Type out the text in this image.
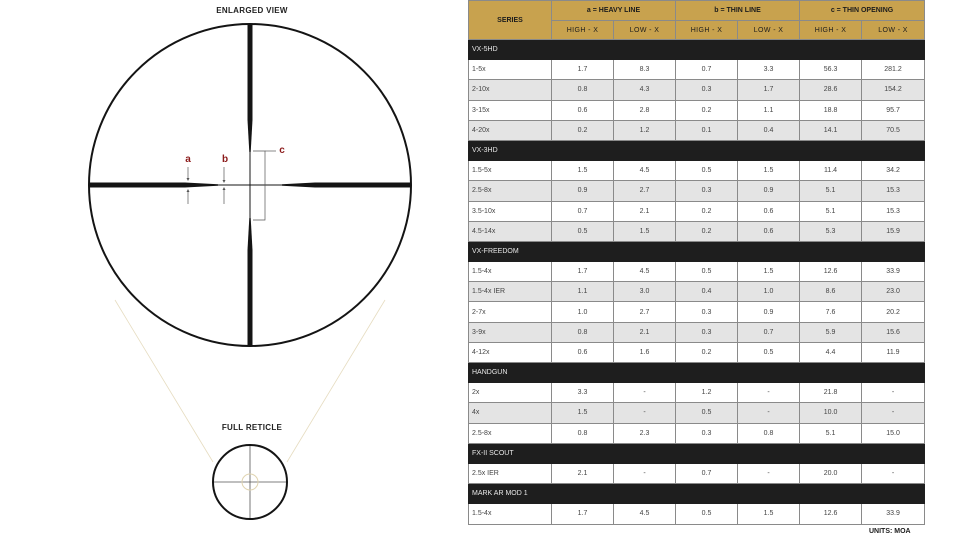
ENLARGED VIEW
FULL RETICLE
a	b
c
SERIES	a = HEAVY LINE		b = THIN LINE		c = THIN OPENING	
	HIGH - X	LOW - X	HIGH - X	LOW - X	HIGH - X	LOW - X
VX-5HD						
1-5x	1.7	8.3	0.7	3.3	56.3	281.2
2-10x	0.8	4.3	0.3	1.7	28.6	154.2
3-15x	0.6	2.8	0.2	1.1	18.8	95.7
4-20x	0.2	1.2	0.1	0.4	14.1	70.5
VX-3HD						
1.5-5x	1.5	4.5	0.5	1.5	11.4	34.2
2.5-8x	0.9	2.7	0.3	0.9	5.1	15.3
3.5-10x	0.7	2.1	0.2	0.6	5.1	15.3
4.5-14x	0.5	1.5	0.2	0.6	5.3	15.9
VX-FREEDOM						
1.5-4x	1.7	4.5	0.5	1.5	12.6	33.9
1.5-4x IER	1.1	3.0	0.4	1.0	8.6	23.0
2-7x	1.0	2.7	0.3	0.9	7.6	20.2
3-9x	0.8	2.1	0.3	0.7	5.9	15.6
4-12x	0.6	1.6	0.2	0.5	4.4	11.9
HANDGUN						
2x	3.3	-	1.2	-	21.8	-
4x	1.5	-	0.5	-	10.0	-
2.5-8x	0.8	2.3	0.3	0.8	5.1	15.0
FX-II SCOUT						
2.5x IER	2.1	-	0.7	-	20.0	-
MARK AR MOD 1						
1.5-4x	1.7	4.5	0.5	1.5	12.6	33.9
UNITS: MOA
